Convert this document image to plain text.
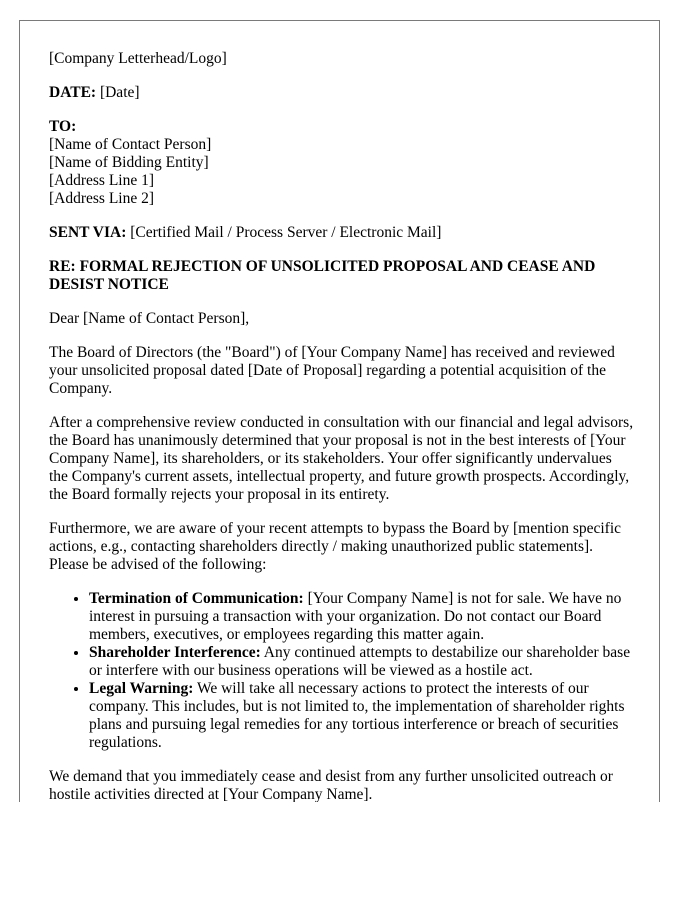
[Company Letterhead/Logo]

DATE: [Date]

TO:
[Name of Contact Person]
[Name of Bidding Entity]
[Address Line 1]
[Address Line 2]

SENT VIA: [Certified Mail / Process Server / Electronic Mail]

RE: FORMAL REJECTION OF UNSOLICITED PROPOSAL AND CEASE AND DESIST NOTICE

Dear [Name of Contact Person],

The Board of Directors (the "Board") of [Your Company Name] has received and reviewed your unsolicited proposal dated [Date of Proposal] regarding a potential acquisition of the Company.

After a comprehensive review conducted in consultation with our financial and legal advisors, the Board has unanimously determined that your proposal is not in the best interests of [Your Company Name], its shareholders, or its stakeholders. Your offer significantly undervalues the Company's current assets, intellectual property, and future growth prospects. Accordingly, the Board formally rejects your proposal in its entirety.

Furthermore, we are aware of your recent attempts to bypass the Board by [mention specific actions, e.g., contacting shareholders directly / making unauthorized public statements]. Please be advised of the following:

• Termination of Communication: [Your Company Name] is not for sale. We have no interest in pursuing a transaction with your organization. Do not contact our Board members, executives, or employees regarding this matter again.
• Shareholder Interference: Any continued attempts to destabilize our shareholder base or interfere with our business operations will be viewed as a hostile act.
• Legal Warning: We will take all necessary actions to protect the interests of our company. This includes, but is not limited to, the implementation of shareholder rights plans and pursuing legal remedies for any tortious interference or breach of securities regulations.

We demand that you immediately cease and desist from any further unsolicited outreach or hostile activities directed at [Your Company Name].
